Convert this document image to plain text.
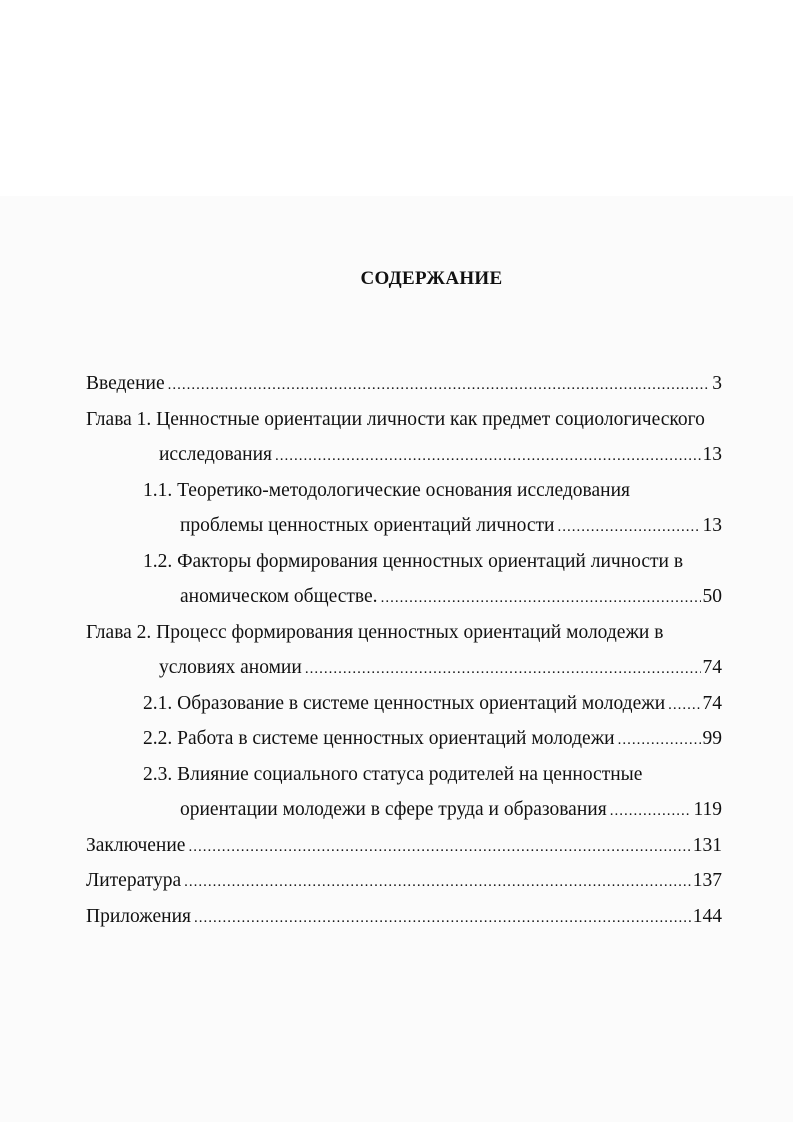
СОДЕРЖАНИЕ
Введение .....	3
Глава 1. Ценностные ориентации личности как предмет социологического
исследования .....	13
1.1. Теоретико-методологические основания исследования
проблемы ценностных ориентаций личности .....	13
1.2. Факторы формирования ценностных ориентаций личности в
аномическом обществе. .....	50
Глава 2. Процесс формирования ценностных ориентаций молодежи в
условиях аномии .....	74
2.1. Образование в системе ценностных ориентаций молодежи ..... 74
2.2. Работа в системе ценностных ориентаций молодежи .....	99
2.3. Влияние социального статуса родителей на ценностные
ориентации молодежи в сфере труда и образования .....	119
Заключение .....	131
Литература .....	137
Приложения .....	144
